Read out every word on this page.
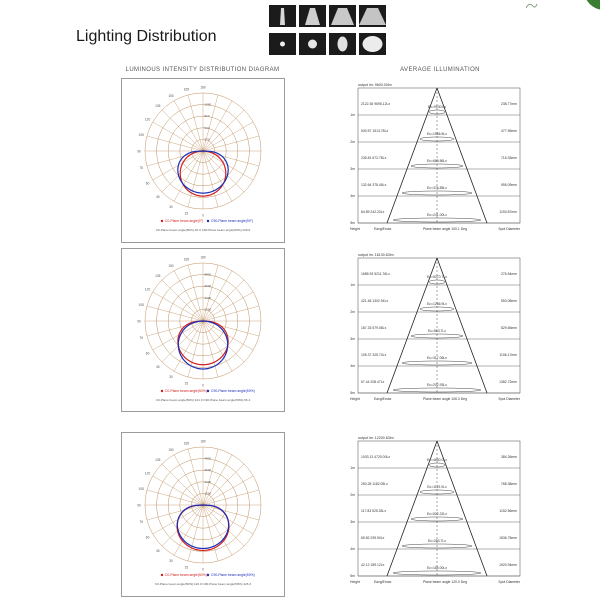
Lighting Distribution
LUMINOUS INTENSITY DISTRIBUTION DIAGRAM	AVERAGE ILLUMINATION
180
165
150
135
120
105
90
75
60
45
30
15
0
270
540
810
1080
C0-Plane beam angle(0°) C90-Plane beam angle(90°)
C0-Plane beam angle(50%):91.0 C90-Plane beam angle(50%):128.6
180
165
150
135
120
105
90
75
60
45
30
15
0
2200
4400
6600
8800
C0-Plane beam angle(50%) C90-Plane beam angle(50%)
C0-Plane beam angle(50%):121.0 C90-Plane beam angle(50%):96.4
180
165
150
135
120
105
90
75
60
45
30
15
0
1200
2400
3600
4800
C0-Plane beam angle(50%) C90-Plane beam angle(50%)
C0-Plane beam angle(50%):120.0 C90-Plane beam angle(50%):126.3
output lm: 9600.00lm
1m
2122.36 9695.12Lx	238.77mm
Ec=9930.Lx
2m
530.57 1513.78Lx	477.55mm
Ec=1566.5Lx
3m
235.81 672.78Lx	716.33mm
Ec=689.86Lx
4m
132.64 378.45Lx	955.09mm
Ec=376.85Lx
5m
84.89 242.20Lx	1193.87mm
Ec=241.00Lx
Height	Eavg/Emax	Plane beam angle 100.1 Deg	Spot Diameter
output lm: 16130.63lm
1m
1685.93 5211.76Lx	276.54mm
Ec=5070.7Lx
2m
421.48 1302.94Lx	553.08mm
Ec=1266.9Lx
3m
187.33 579.08Lx	829.65mm
Ec=563.7Lx
4m
105.37 325.74Lx	1106.17mm
Ec=317.06Lx
5m
67.44 208.47Lx	1382.72mm
Ec=202.93Lx
Height	Eavg/Emax	Plane beam angle 106.3 Deg	Spot Diameter
output lm: 12200.63lm
1m
1003.13 4720.00Lx	384.26mm
Ec=4650.0Lx
2m
250.28 1182.05Lx	768.38mm
Ec=1119.0Lx
3m
117.83 525.33Lx	1152.56mm
Ec=522.22Lx
4m
65.82 295.50Lx	1536.75mm
Ec=280.7Lx
5m
42.12 189.12Lx	1920.94mm
Ec=185.00Lx
Height	Eavg/Emax	Plane beam angle 120.0 Deg	Spot Diameter
